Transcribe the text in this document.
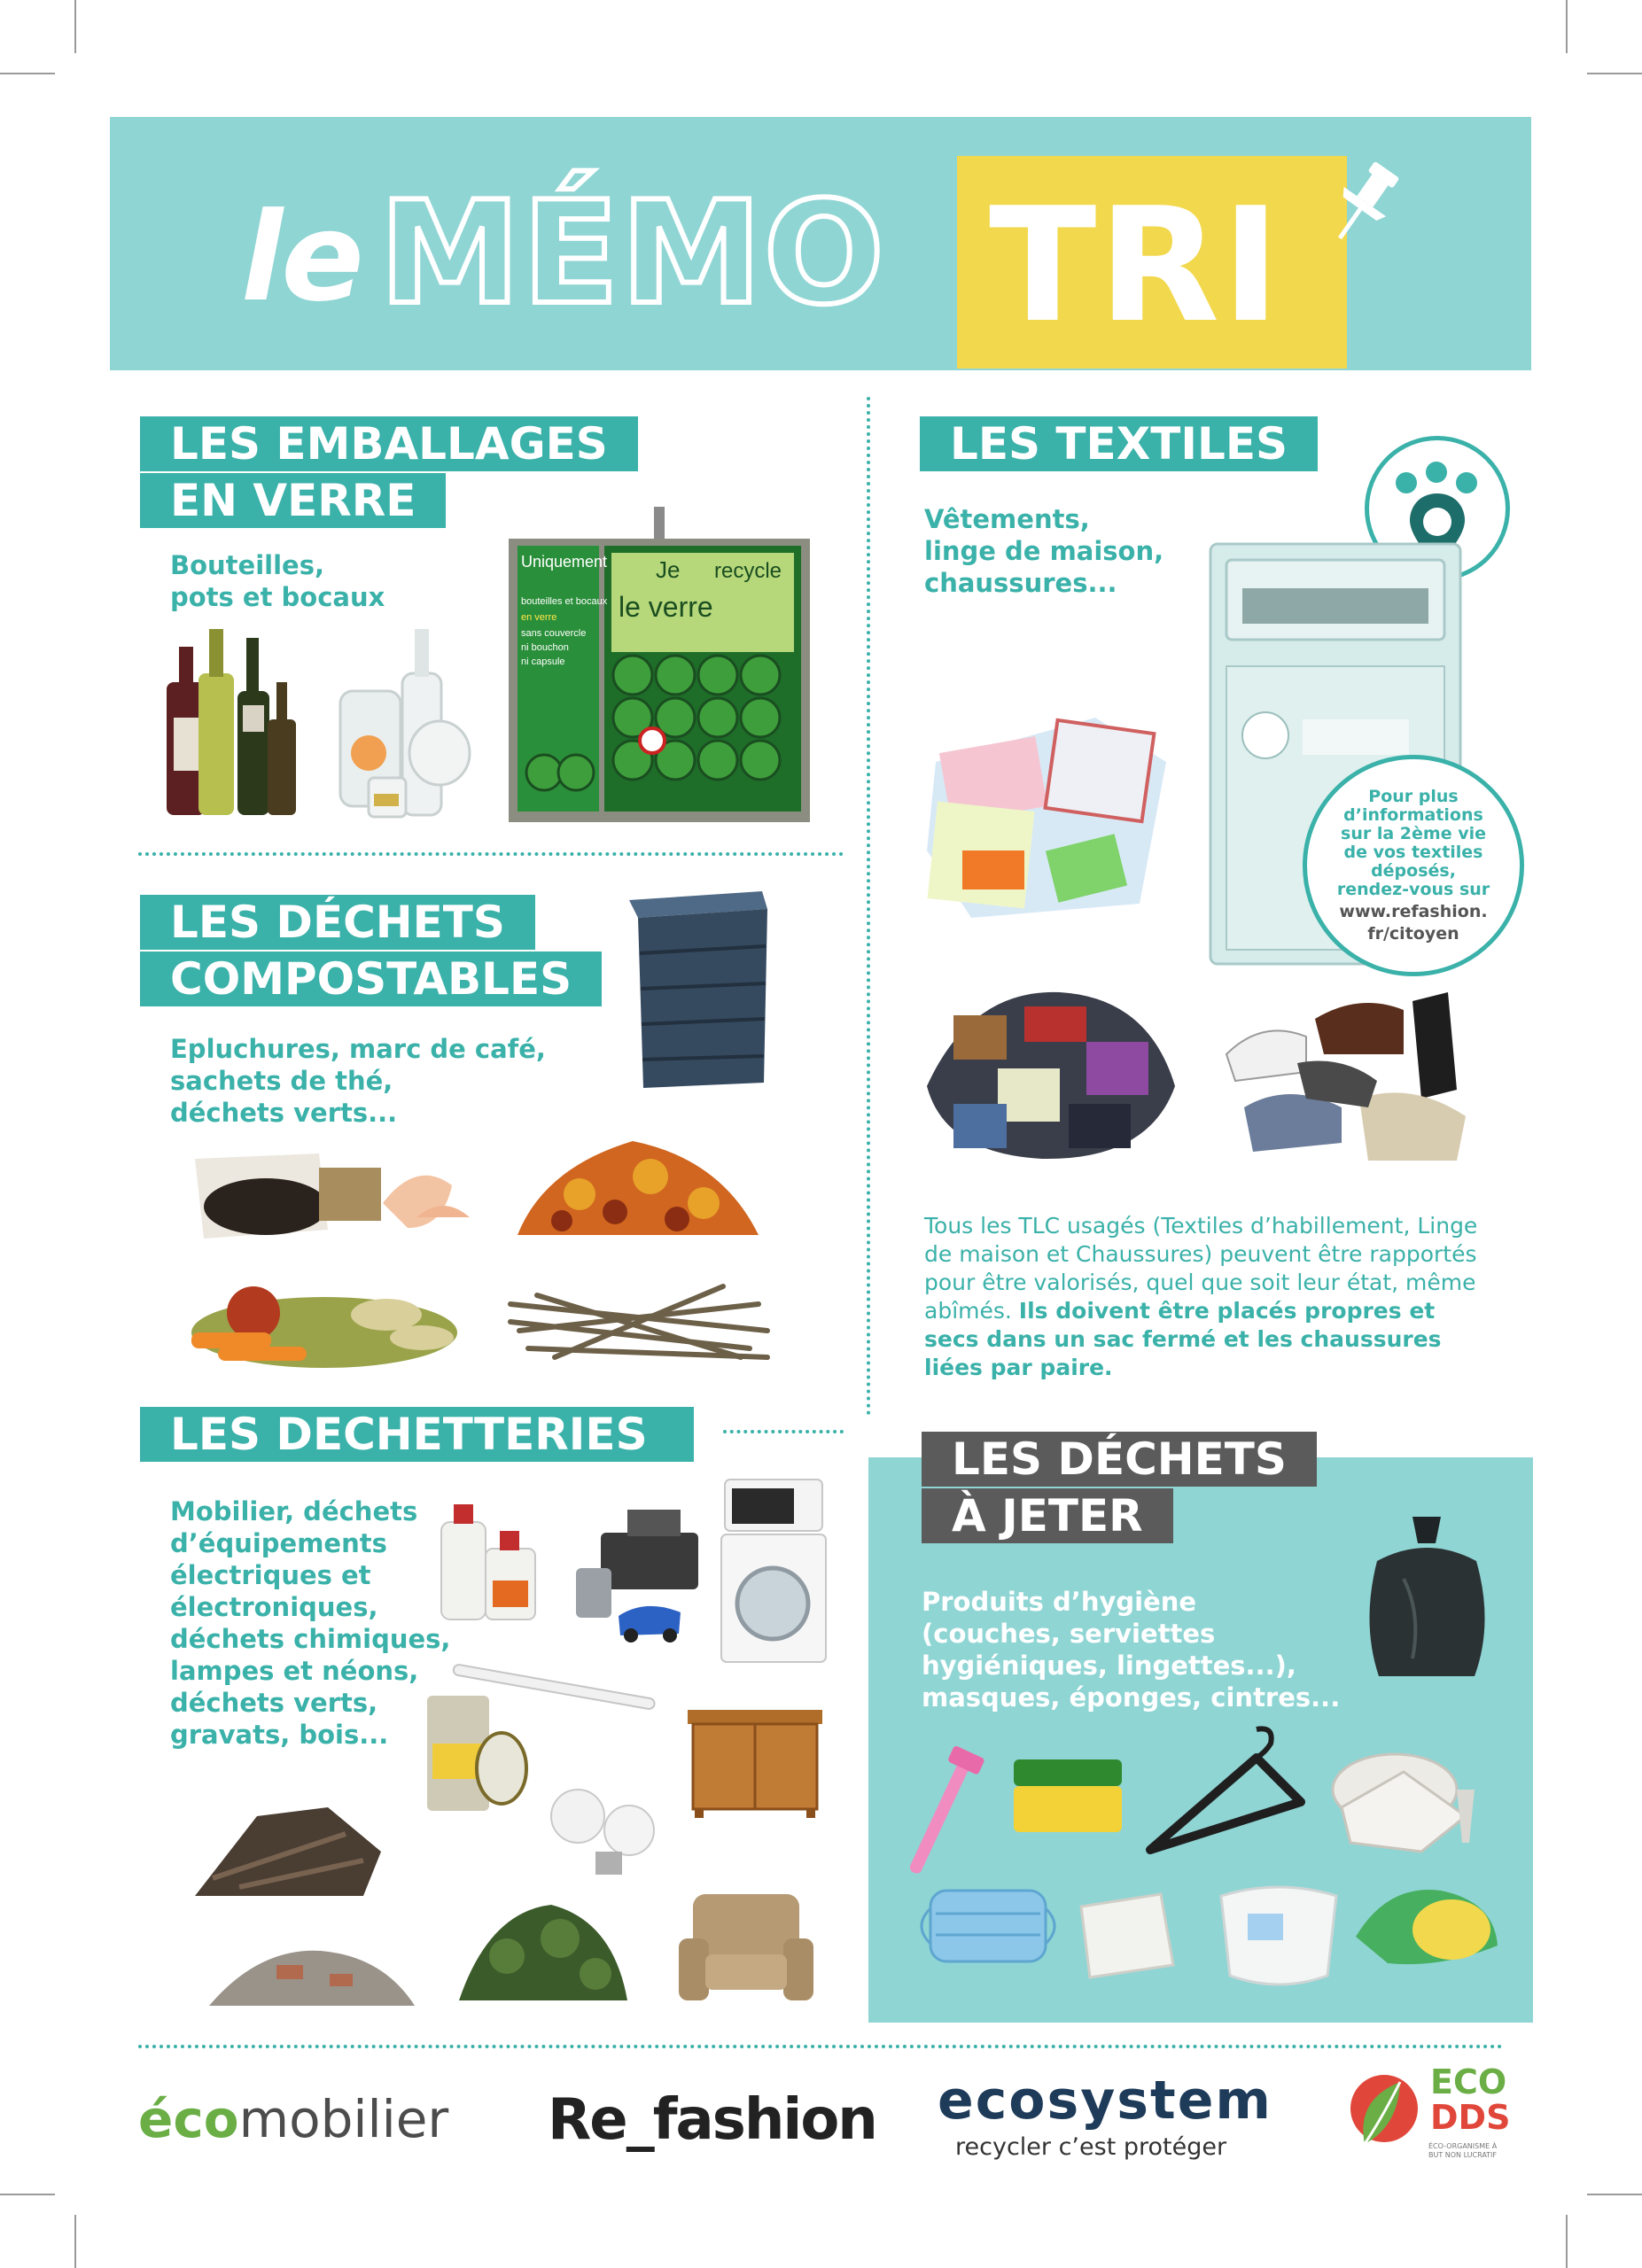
le MÉMO TRI
LES EMBALLAGES
EN VERRE
Bouteilles,
pots et bocaux
Uniquement
bouteilles et bocaux
en verre
sans couvercle
ni bouchon
ni capsule
Je recycle
le verre
LES DÉCHETS
COMPOSTABLES
Epluchures, marc de café,
sachets de thé,
déchets verts...
LES DECHETTERIES
Mobilier, déchets
d’équipements
électriques et
électroniques,
déchets chimiques,
lampes et néons,
déchets verts,
gravats, bois...
LES TEXTILES
Vêtements,
linge de maison,
chaussures...
Pour plus
d’informations
sur la 2ème vie
de vos textiles
déposés,
rendez-vous sur
www.refashion.
fr/citoyen
Tous les TLC usagés (Textiles d’habillement, Linge de maison et Chaussures) peuvent être rapportés pour être valorisés, quel que soit leur état, même abîmés. Ils doivent être placés propres et secs dans un sac fermé et les chaussures liées par paire.
LES DÉCHETS
À JETER
Produits d’hygiène
(couches, serviettes
hygiéniques, lingettes...),
masques, éponges, cintres...
écomobilier Re_fashion ecosystem
recycler c’est protéger
ECO
DDS
ÉCO-ORGANISME À BUT NON LUCRATIF
